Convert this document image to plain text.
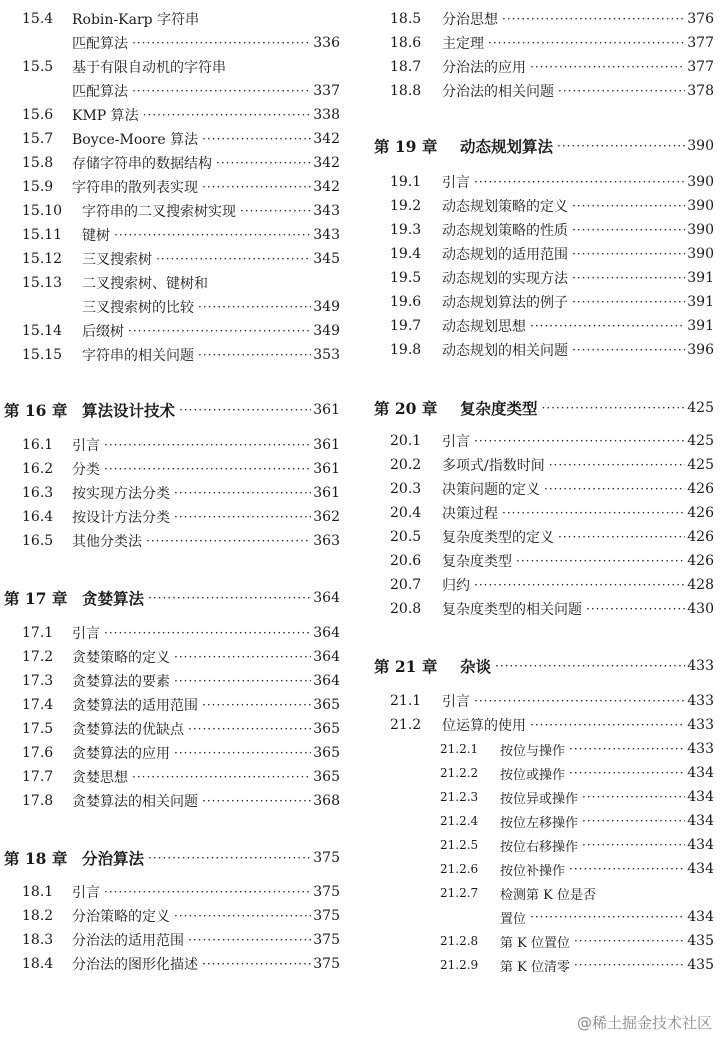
15.4	Robin-Karp 字符串
匹配算法 ·····	336
15.5	基于有限自动机的字符串
匹配算法 ·····	337
15.6	KMP 算法 ·····	338
15.7	Boyce-Moore 算法 ·····	342
15.8	存储字符串的数据结构 ·····	342
15.9	字符串的散列表实现 ·····	342
15.10	字符串的二叉搜索树实现 ·····	343
15.11	键树 ·····	343
15.12	三叉搜索树 ·····	345
15.13	二叉搜索树、键树和
三叉搜索树的比较 ·····	349
15.14	后缀树 ·····	349
15.15	字符串的相关问题 ·····	353
第 16 章 算法设计技术 ·····	361
16.1	引言 ·····	361
16.2	分类 ·····	361
16.3	按实现方法分类 ·····	361
16.4	按设计方法分类 ·····	362
16.5	其他分类法 ·····	363
第 17 章 贪婪算法 ·····	364
17.1	引言 ·····	364
17.2	贪婪策略的定义 ·····	364
17.3	贪婪算法的要素 ·····	364
17.4	贪婪算法的适用范围 ·····	365
17.5	贪婪算法的优缺点 ·····	365
17.6	贪婪算法的应用 ·····	365
17.7	贪婪思想 ·····	365
17.8	贪婪算法的相关问题 ·····	368
第 18 章 分治算法 ·····	375
18.1	引言 ·····	375
18.2	分治策略的定义 ·····	375
18.3	分治法的适用范围 ·····	375
18.4	分治法的图形化描述 ·····	375
18.5	分治思想 ·····	376
18.6	主定理 ·····	377
18.7	分治法的应用 ·····	377
18.8	分治法的相关问题 ·····	378
第 19 章	动态规划算法 ·····	390
19.1	引言 ·····	390
19.2	动态规划策略的定义 ·····	390
19.3	动态规划策略的性质 ·····	390
19.4	动态规划的适用范围 ·····	390
19.5	动态规划的实现方法 ·····	391
19.6	动态规划算法的例子 ·····	391
19.7	动态规划思想 ·····	391
19.8	动态规划的相关问题 ·····	396
第 20 章	复杂度类型 ·····	425
20.1	引言 ·····	425
20.2	多项式/指数时间 ·····	425
20.3	决策问题的定义 ·····	426
20.4	决策过程 ·····	426
20.5	复杂度类型的定义 ·····	426
20.6	复杂度类型 ·····	426
20.7	归约 ·····	428
20.8	复杂度类型的相关问题 ·····	430
第 21 章	杂谈 ·····	433
21.1	引言 ·····	433
21.2	位运算的使用 ·····	433
21.2.1	按位与操作 ·····	433
21.2.2	按位或操作 ·····	434
21.2.3	按位异或操作 ·····	434
21.2.4	按位左移操作 ·····	434
21.2.5	按位右移操作 ·····	434
21.2.6	按位补操作 ·····	434
21.2.7	检测第 K 位是否
置位 ·····	434
21.2.8	第 K 位置位 ·····	435
21.2.9	第 K 位清零 ·····	435
@稀土掘金技术社区
